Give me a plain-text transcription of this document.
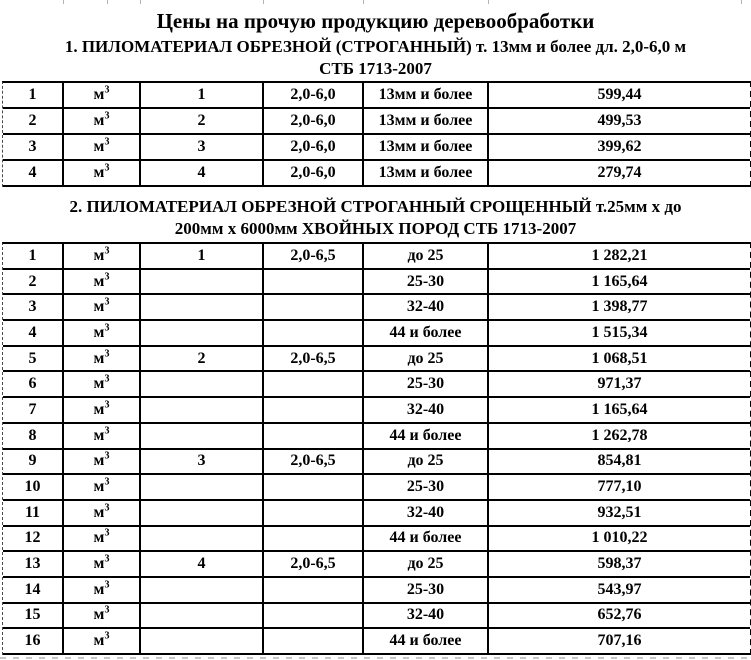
Цены на прочую продукцию деревообработки
1. ПИЛОМАТЕРИАЛ ОБРЕЗНОЙ (СТРОГАННЫЙ) т. 13мм и более дл. 2,0-6,0 м
СТБ 1713-2007
1	$м^3$	1	2,0-6,0	13мм и более	599,44
2	$м^3$	2	2,0-6,0	13мм и более	499,53
3	$м^3$	3	2,0-6,0	13мм и более	399,62
4	$м^3$	4	2,0-6,0	13мм и более	279,74
2. ПИЛОМАТЕРИАЛ ОБРЕЗНОЙ СТРОГАННЫЙ СРОЩЕННЫЙ т.25мм х до
200мм х 6000мм ХВОЙНЫХ ПОРОД СТБ 1713-2007
1	$м^3$	1	2,0-6,5	до 25	1 282,21
2	$м^3$			25-30	1 165,64
3	$м^3$			32-40	1 398,77
4	$м^3$			44 и более	1 515,34
5	$м^3$	2	2,0-6,5	до 25	1 068,51
6	$м^3$			25-30	971,37
7	$м^3$			32-40	1 165,64
8	$м^3$			44 и более	1 262,78
9	$м^3$	3	2,0-6,5	до 25	854,81
10	$м^3$			25-30	777,10
11	$м^3$			32-40	932,51
12	$м^3$			44 и более	1 010,22
13	$м^3$	4	2,0-6,5	до 25	598,37
14	$м^3$			25-30	543,97
15	$м^3$			32-40	652,76
16	$м^3$			44 и более	707,16
